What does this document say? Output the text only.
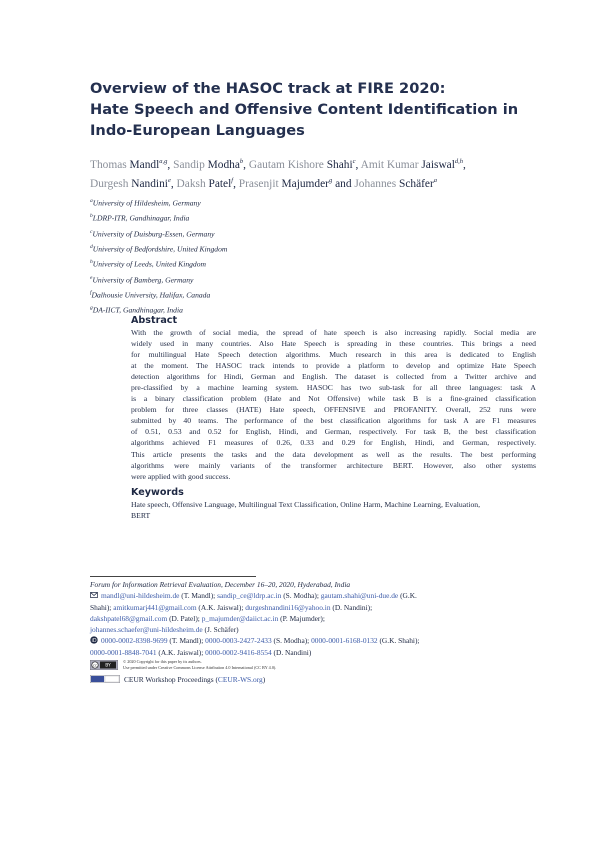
Overview of the HASOC track at FIRE 2020:
Hate Speech and Offensive Content Identification in
Indo-European Languages
Thomas Mandl$^{a,g}$, Sandip Modha$^b$, Gautam Kishore Shahi$^c$, Amit Kumar Jaiswal$^{d,h}$,
Durgesh Nandini$^e$, Daksh Patel$^f$, Prasenjit Majumder$^g$ and Johannes Schäfer$^a$
$^a$University of Hildesheim, Germany
$^b$LDRP-ITR, Gandhinagar, India
$^c$University of Duisburg-Essen, Germany
$^d$University of Bedfordshire, United Kingdom
$^h$University of Leeds, United Kingdom
$^e$University of Bamberg, Germany
$^f$Dalhousie University, Halifax, Canada
$^g$DA-IICT, Gandhinagar, India
Abstract
With the growth of social media, the spread of hate speech is also increasing rapidly. Social media are
widely used in many countries. Also Hate Speech is spreading in these countries. This brings a need
for multilingual Hate Speech detection algorithms. Much research in this area is dedicated to English
at the moment. The HASOC track intends to provide a platform to develop and optimize Hate Speech
detection algorithms for Hindi, German and English. The dataset is collected from a Twitter archive and
pre-classified by a machine learning system. HASOC has two sub-task for all three languages: task A
is a binary classification problem (Hate and Not Offensive) while task B is a fine-grained classification
problem for three classes (HATE) Hate speech, OFFENSIVE and PROFANITY. Overall, 252 runs were
submitted by 40 teams. The performance of the best classification algorithms for task A are F1 measures
of 0.51, 0.53 and 0.52 for English, Hindi, and German, respectively. For task B, the best classification
algorithms achieved F1 measures of 0.26, 0.33 and 0.29 for English, Hindi, and German, respectively.
This article presents the tasks and the data development as well as the results. The best performing
algorithms were mainly variants of the transformer architecture BERT. However, also other systems
were applied with good success.
Keywords
Hate speech, Offensive Language, Multilingual Text Classification, Online Harm, Machine Learning, Evaluation,
BERT
Forum for Information Retrieval Evaluation, December 16–20, 2020, Hyderabad, India
mandl@uni-hildesheim.de (T. Mandl); sandip_ce@ldrp.ac.in (S. Modha); gautam.shahi@uni-due.de (G.K.
Shahi); amitkumarj441@gmail.com (A.K. Jaiswal); durgeshnandini16@yahoo.in (D. Nandini);
dakshpatel68@gmail.com (D. Patel); p_majumder@daiict.ac.in (P. Majumder);
johannes.schaefer@uni-hildesheim.de (J. Schäfer)
iD 0000-0002-8398-9699 (T. Mandl); 0000-0003-2427-2433 (S. Modha); 0000-0001-6168-0132 (G.K. Shahi);
0000-0001-8848-7041 (A.K. Jaiswal); 0000-0002-9416-8554 (D. Nandini)
cc BY
© 2020 Copyright for this paper by its authors.
Use permitted under Creative Commons License Attribution 4.0 International (CC BY 4.0).
CEUR Workshop Proceedings (CEUR-WS.org)
